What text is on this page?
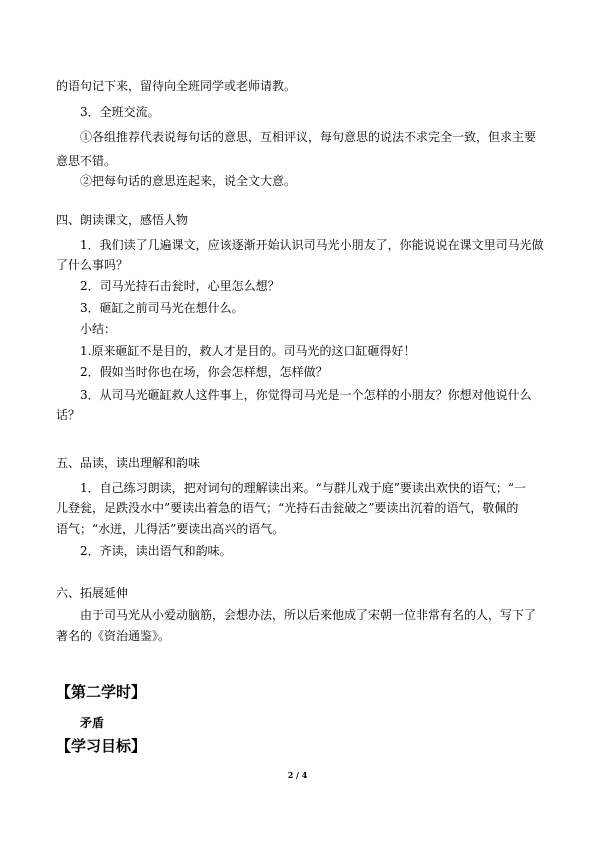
的语句记下来，留待向全班同学或老师请教。
3．全班交流。
①各组推荐代表说每句话的意思，互相评议，每句意思的说法不求完全一致，但求主要
意思不错。
②把每句话的意思连起来，说全文大意。
四、朗读课文，感悟人物
1．我们读了几遍课文，应该逐渐开始认识司马光小朋友了，你能说说在课文里司马光做
了什么事吗？
2．司马光持石击瓮时，心里怎么想？
3．砸缸之前司马光在想什么。
小结：
1.原来砸缸不是目的，救人才是目的。司马光的这口缸砸得好！
2．假如当时你也在场，你会怎样想，怎样做？
3．从司马光砸缸救人这件事上，你觉得司马光是一个怎样的小朋友？你想对他说什么
话？
五、品读，读出理解和韵味
1．自己练习朗读，把对词句的理解读出来。“与群儿戏于庭”要读出欢快的语气；“一
儿登瓮，足跌没水中”要读出着急的语气；“光持石击瓮破之”要读出沉着的语气，敬佩的
语气；“水迸，儿得活”要读出高兴的语气。
2．齐读，读出语气和韵味。
六、拓展延伸
由于司马光从小爱动脑筋，会想办法，所以后来他成了宋朝一位非常有名的人，写下了
著名的《资治通鉴》。
【第二学时】
矛盾
【学习目标】
2 / 4
